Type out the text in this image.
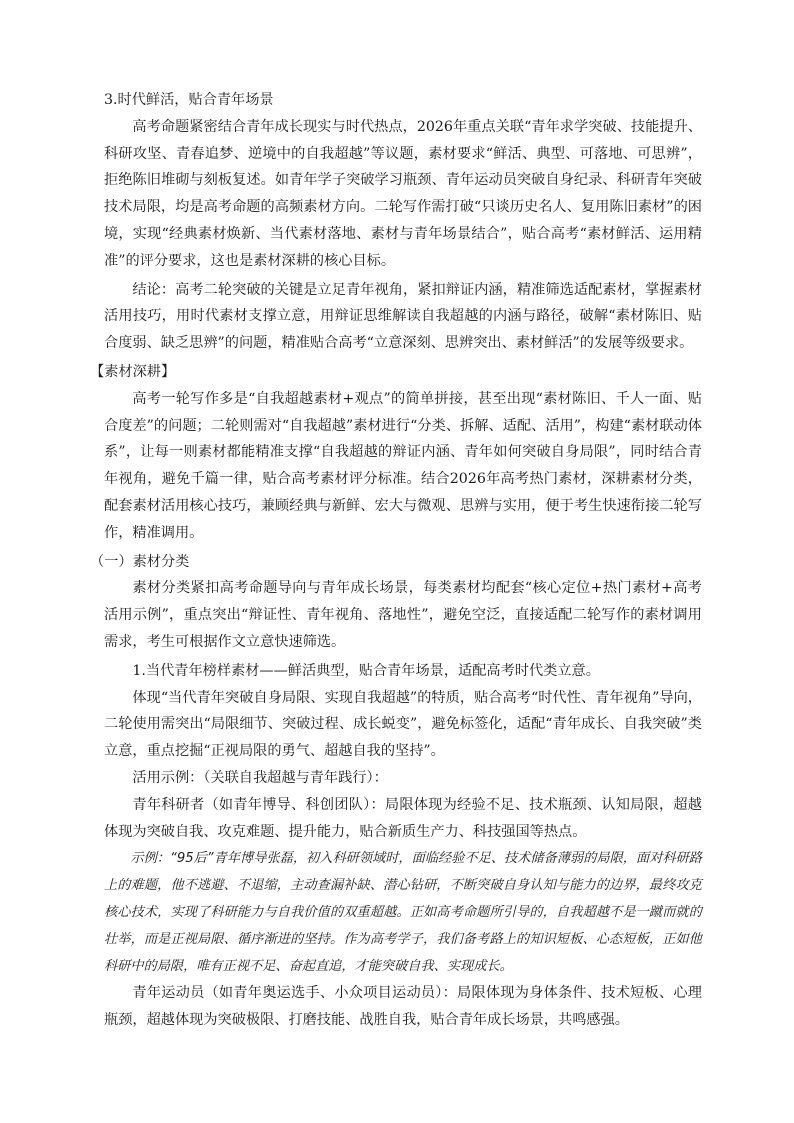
3.时代鲜活，贴合青年场景

高考命题紧密结合青年成长现实与时代热点，2026年重点关联“青年求学突破、技能提升、科研攻坚、青春追梦、逆境中的自我超越”等议题，素材要求“鲜活、典型、可落地、可思辨”，拒绝陈旧堆砌与刻板复述。如青年学子突破学习瓶颈、青年运动员突破自身纪录、科研青年突破技术局限，均是高考命题的高频素材方向。二轮写作需打破“只谈历史名人、复用陈旧素材”的困境，实现“经典素材焕新、当代素材落地、素材与青年场景结合”，贴合高考“素材鲜活、运用精准”的评分要求，这也是素材深耕的核心目标。

结论：高考二轮突破的关键是立足青年视角，紧扣辩证内涵，精准筛选适配素材，掌握素材活用技巧，用时代素材支撑立意，用辩证思维解读自我超越的内涵与路径，破解“素材陈旧、贴合度弱、缺乏思辨”的问题，精准贴合高考“立意深刻、思辨突出、素材鲜活”的发展等级要求。

【素材深耕】

高考一轮写作多是“自我超越素材+观点”的简单拼接，甚至出现“素材陈旧、千人一面、贴合度差”的问题；二轮则需对“自我超越”素材进行“分类、拆解、适配、活用”，构建“素材联动体系”，让每一则素材都能精准支撑“自我超越的辩证内涵、青年如何突破自身局限”，同时结合青年视角，避免千篇一律，贴合高考素材评分标准。结合2026年高考热门素材，深耕素材分类，配套素材活用核心技巧，兼顾经典与新鲜、宏大与微观、思辨与实用，便于考生快速衔接二轮写作，精准调用。

（一）素材分类

素材分类紧扣高考命题导向与青年成长场景，每类素材均配套“核心定位+热门素材+高考活用示例”，重点突出“辩证性、青年视角、落地性”，避免空泛，直接适配二轮写作的素材调用需求，考生可根据作文立意快速筛选。

1.当代青年榜样素材——鲜活典型，贴合青年场景，适配高考时代类立意。

体现“当代青年突破自身局限、实现自我超越”的特质，贴合高考“时代性、青年视角”导向，二轮使用需突出“局限细节、突破过程、成长蜕变”，避免标签化，适配“青年成长、自我突破”类立意，重点挖掘“正视局限的勇气、超越自我的坚持”。

活用示例：（关联自我超越与青年践行）：

青年科研者（如青年博导、科创团队）：局限体现为经验不足、技术瓶颈、认知局限，超越体现为突破自我、攻克难题、提升能力，贴合新质生产力、科技强国等热点。

示例：“95后”青年博导张磊，初入科研领域时，面临经验不足、技术储备薄弱的局限，面对科研路上的难题，他不逃避、不退缩，主动查漏补缺、潜心钻研，不断突破自身认知与能力的边界，最终攻克核心技术，实现了科研能力与自我价值的双重超越。正如高考命题所引导的，自我超越不是一蹴而就的壮举，而是正视局限、循序渐进的坚持。作为高考学子，我们备考路上的知识短板、心态短板，正如他科研中的局限，唯有正视不足、奋起直追，才能突破自我、实现成长。

青年运动员（如青年奥运选手、小众项目运动员）：局限体现为身体条件、技术短板、心理瓶颈，超越体现为突破极限、打磨技能、战胜自我，贴合青年成长场景，共鸣感强。
